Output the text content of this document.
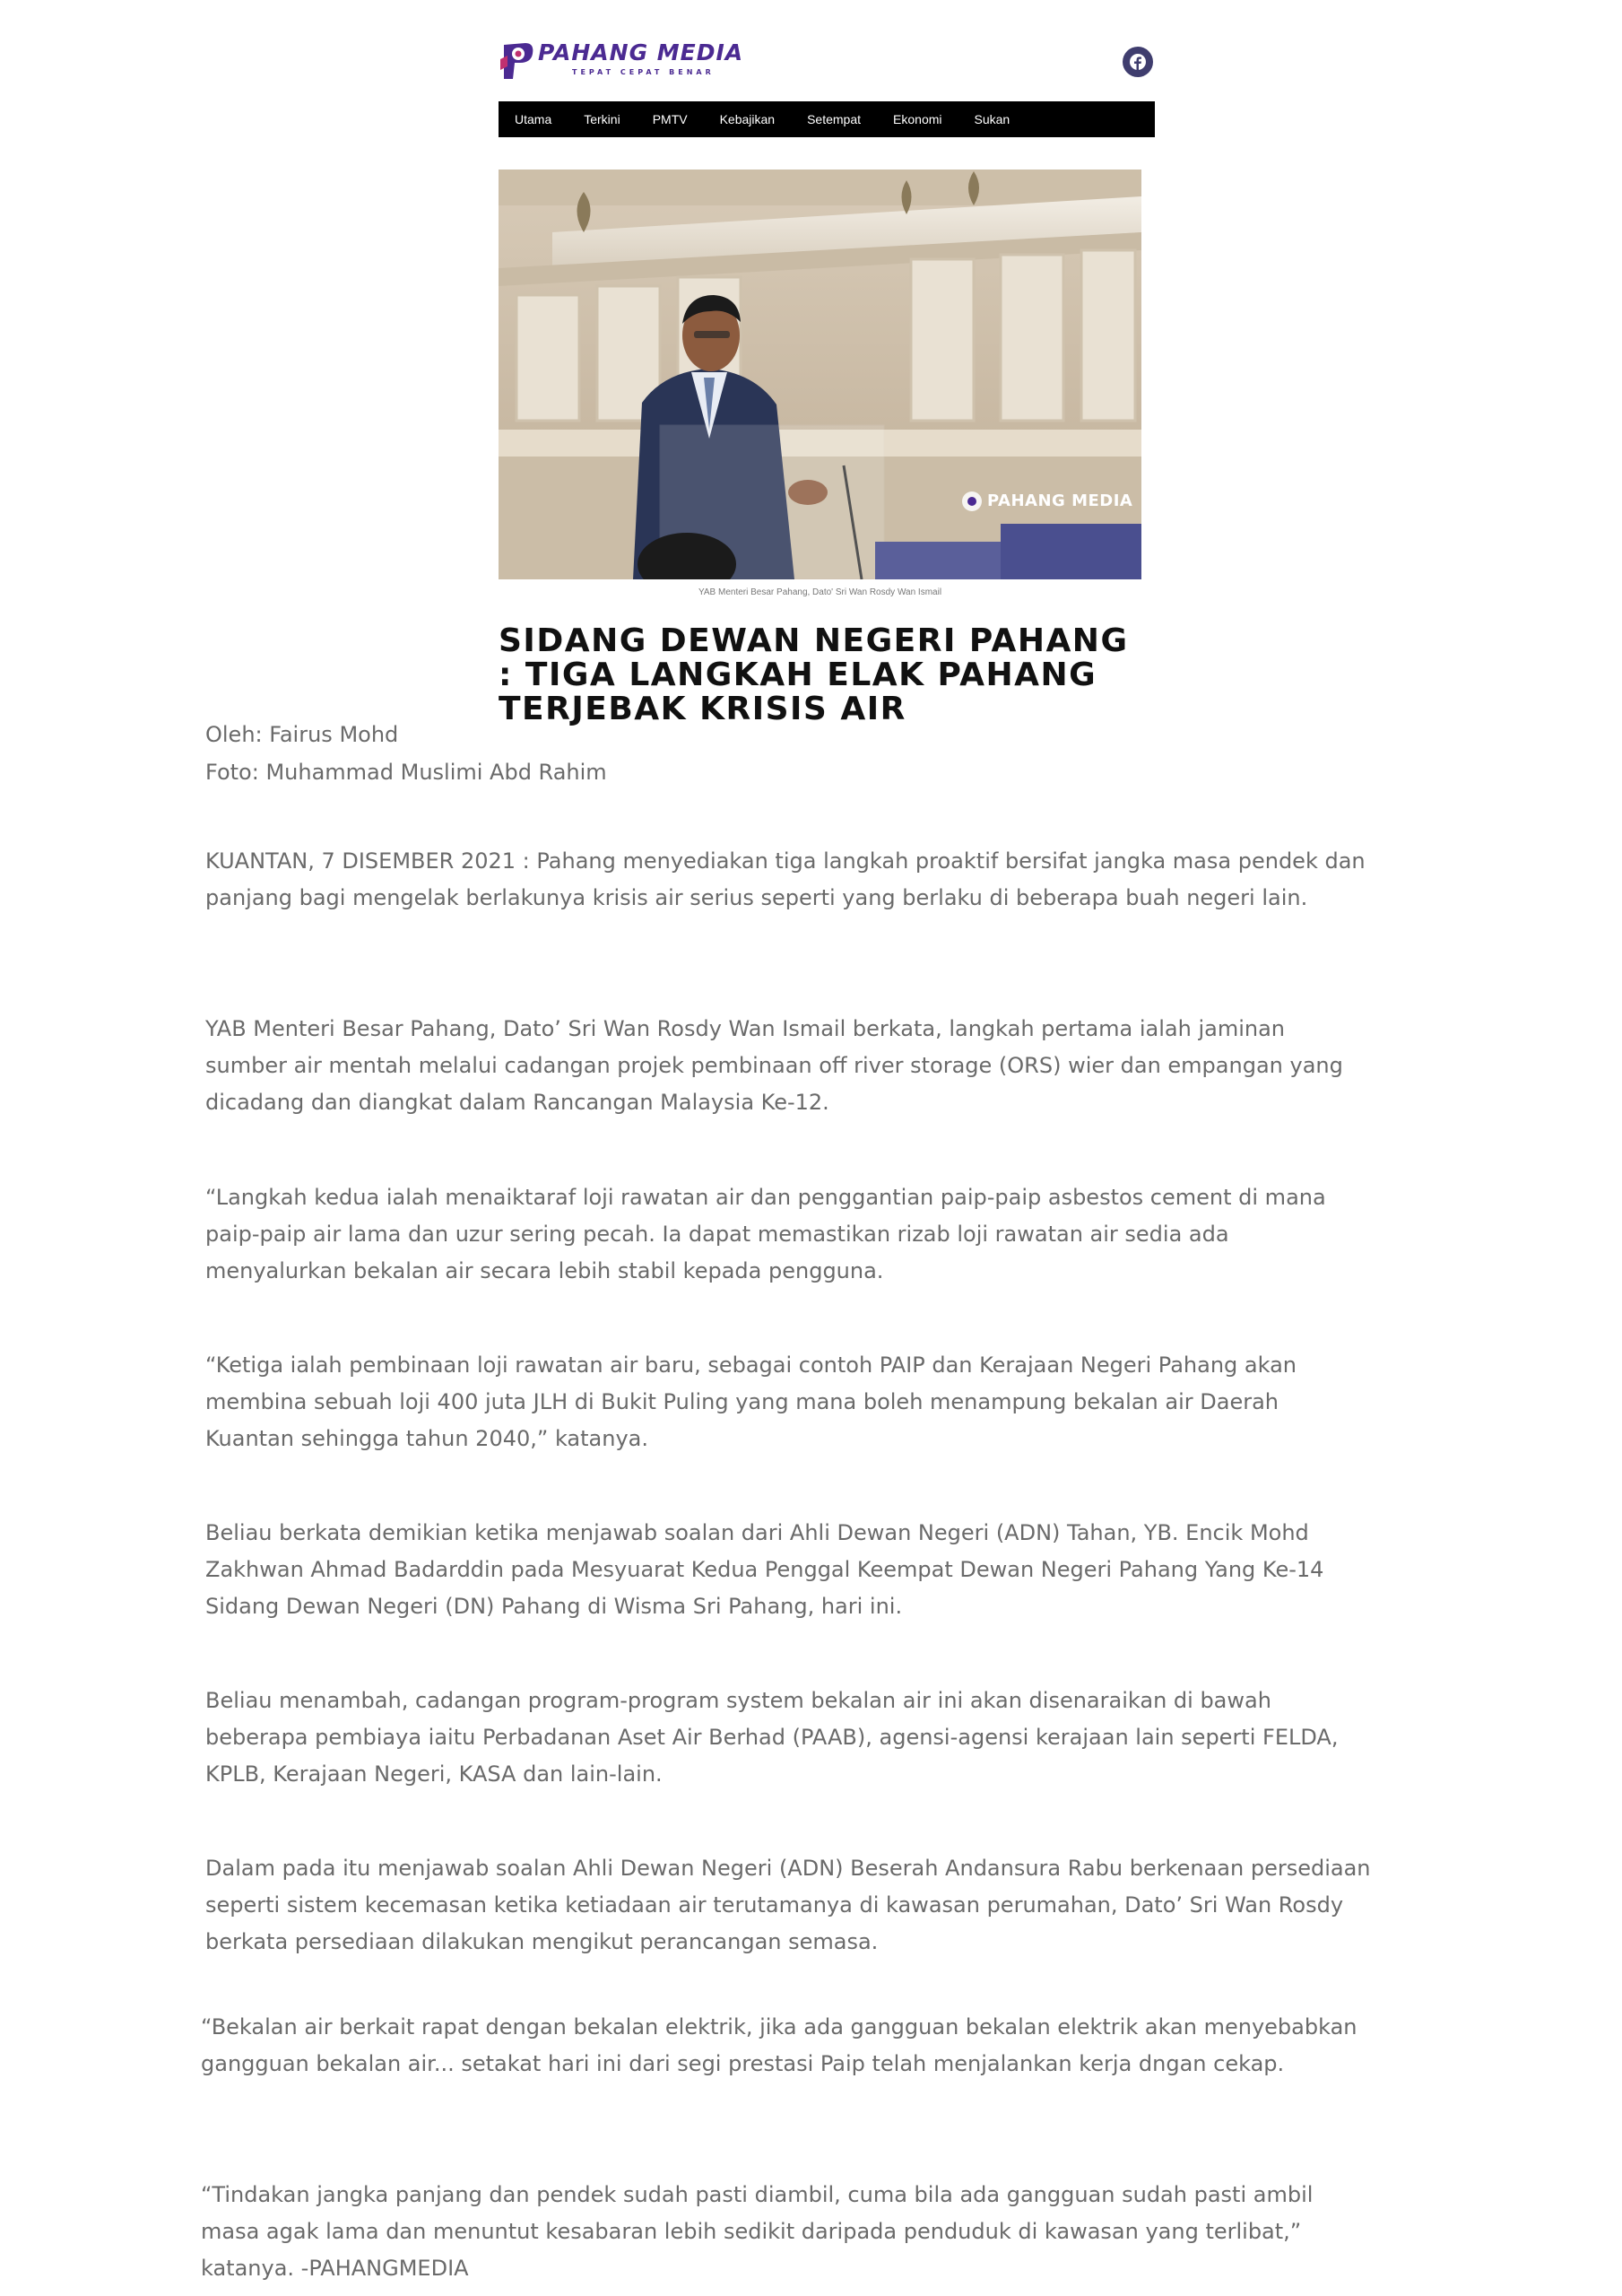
PAHANG MEDIA
TEPAT CEPAT BENAR
Utama	Terkini	PMTV	Kebajikan	Setempat	Ekonomi	Sukan
PAHANG MEDIA
YAB Menteri Besar Pahang, Dato' Sri Wan Rosdy Wan Ismail
SIDANG DEWAN NEGERI PAHANG : TIGA LANGKAH ELAK PAHANG TERJEBAK KRISIS AIR
Oleh: Fairus Mohd
Foto: Muhammad Muslimi Abd Rahim

KUANTAN, 7 DISEMBER 2021 : Pahang menyediakan tiga langkah proaktif bersifat jangka masa pendek dan panjang bagi mengelak berlakunya krisis air serius seperti yang berlaku di beberapa buah negeri lain.

YAB Menteri Besar Pahang, Dato’ Sri Wan Rosdy Wan Ismail berkata, langkah pertama ialah jaminan sumber air mentah melalui cadangan projek pembinaan off river storage (ORS) wier dan empangan yang dicadang dan diangkat dalam Rancangan Malaysia Ke-12.

“Langkah kedua ialah menaiktaraf loji rawatan air dan penggantian paip-paip asbestos cement di mana paip-paip air lama dan uzur sering pecah. Ia dapat memastikan rizab loji rawatan air sedia ada menyalurkan bekalan air secara lebih stabil kepada pengguna.

“Ketiga ialah pembinaan loji rawatan air baru, sebagai contoh PAIP dan Kerajaan Negeri Pahang akan membina sebuah loji 400 juta JLH di Bukit Puling yang mana boleh menampung bekalan air Daerah Kuantan sehingga tahun 2040,” katanya.

Beliau berkata demikian ketika menjawab soalan dari Ahli Dewan Negeri (ADN) Tahan, YB. Encik Mohd Zakhwan Ahmad Badarddin pada Mesyuarat Kedua Penggal Keempat Dewan Negeri Pahang Yang Ke-14 Sidang Dewan Negeri (DN) Pahang di Wisma Sri Pahang, hari ini.

Beliau menambah, cadangan program-program system bekalan air ini akan disenaraikan di bawah beberapa pembiaya iaitu Perbadanan Aset Air Berhad (PAAB), agensi-agensi kerajaan lain seperti FELDA, KPLB, Kerajaan Negeri, KASA dan lain-lain.

Dalam pada itu menjawab soalan Ahli Dewan Negeri (ADN) Beserah Andansura Rabu berkenaan persediaan seperti sistem kecemasan ketika ketiadaan air terutamanya di kawasan perumahan, Dato’ Sri Wan Rosdy berkata persediaan dilakukan mengikut perancangan semasa.

“Bekalan air berkait rapat dengan bekalan elektrik, jika ada gangguan bekalan elektrik akan menyebabkan gangguan bekalan air... setakat hari ini dari segi prestasi Paip telah menjalankan kerja dngan cekap.

“Tindakan jangka panjang dan pendek sudah pasti diambil, cuma bila ada gangguan sudah pasti ambil masa agak lama dan menuntut kesabaran lebih sedikit daripada penduduk di kawasan yang terlibat,” katanya. -PAHANGMEDIA
